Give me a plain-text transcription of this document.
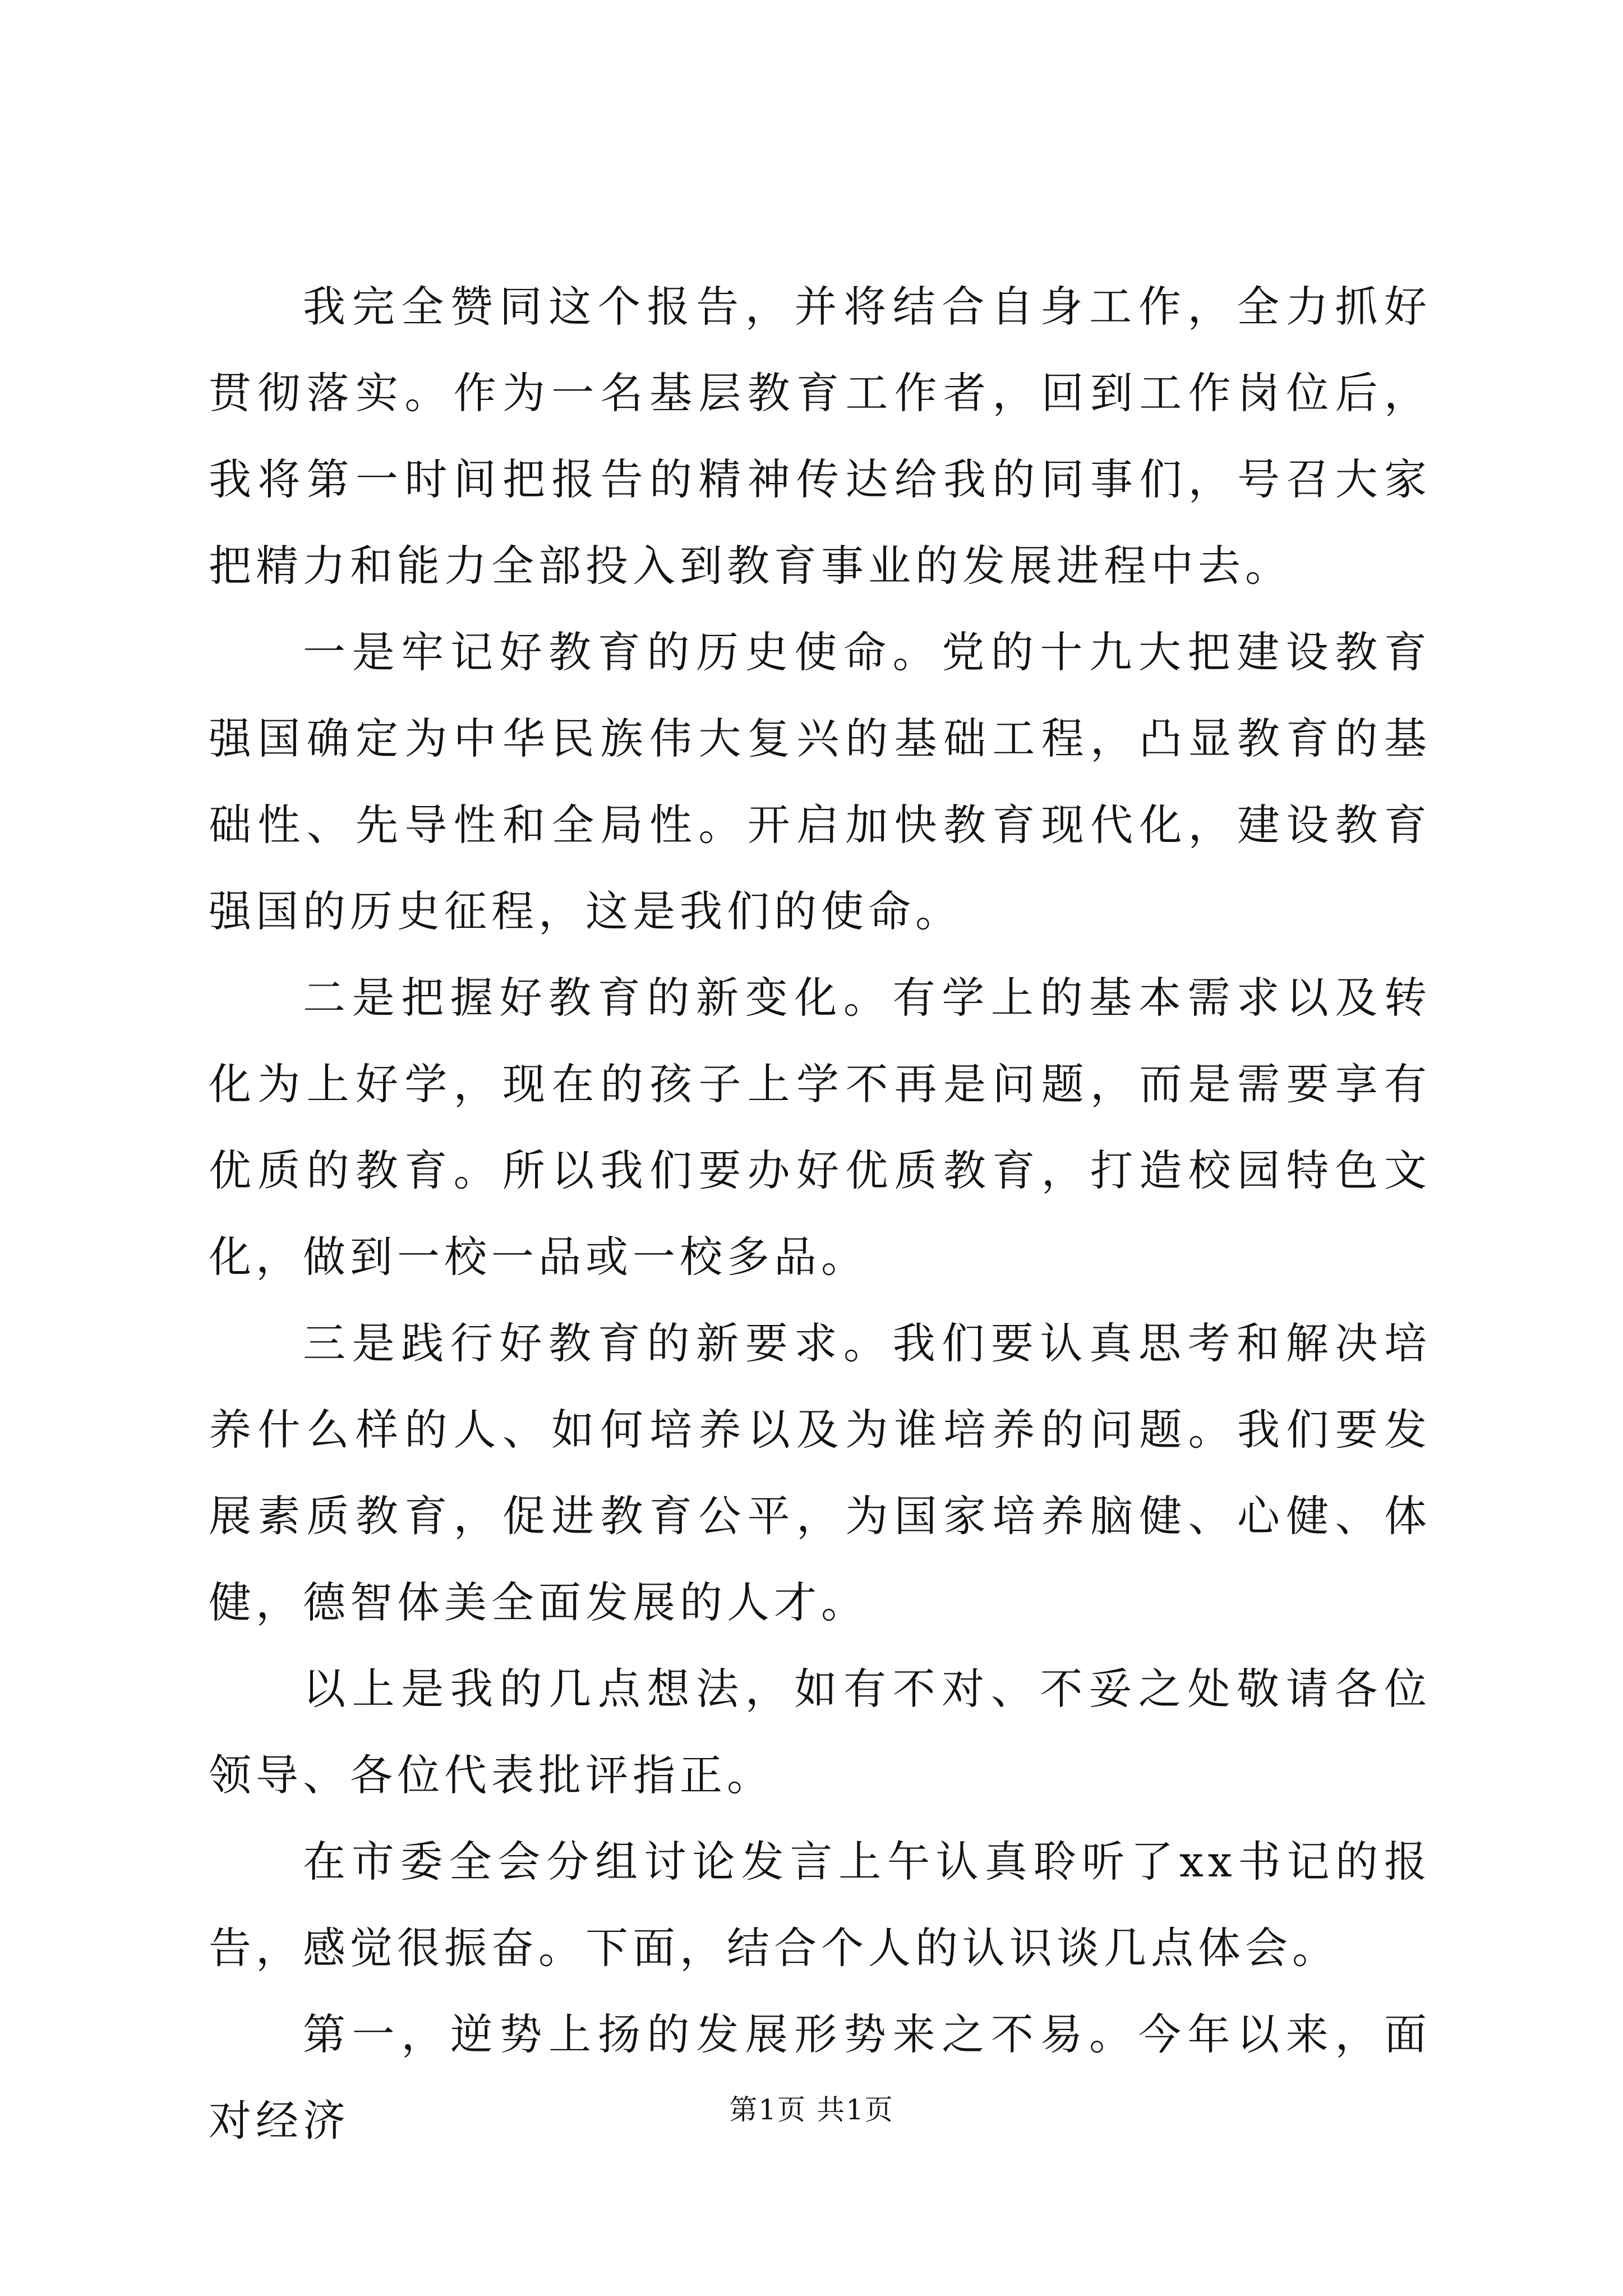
我完全赞同这个报告，并将结合自身工作，全力抓好贯彻落实。作为一名基层教育工作者，回到工作岗位后，我将第一时间把报告的精神传达给我的同事们，号召大家把精力和能力全部投入到教育事业的发展进程中去。

一是牢记好教育的历史使命。党的十九大把建设教育强国确定为中华民族伟大复兴的基础工程，凸显教育的基础性、先导性和全局性。开启加快教育现代化，建设教育强国的历史征程，这是我们的使命。

二是把握好教育的新变化。有学上的基本需求以及转化为上好学，现在的孩子上学不再是问题，而是需要享有优质的教育。所以我们要办好优质教育，打造校园特色文化，做到一校一品或一校多品。

三是践行好教育的新要求。我们要认真思考和解决培养什么样的人、如何培养以及为谁培养的问题。我们要发展素质教育，促进教育公平，为国家培养脑健、心健、体健，德智体美全面发展的人才。

以上是我的几点想法，如有不对、不妥之处敬请各位领导、各位代表批评指正。

在市委全会分组讨论发言上午认真聆听了xx书记的报告，感觉很振奋。下面，结合个人的认识谈几点体会。

第一，逆势上扬的发展形势来之不易。今年以来，面对经济	第1页 共1页
